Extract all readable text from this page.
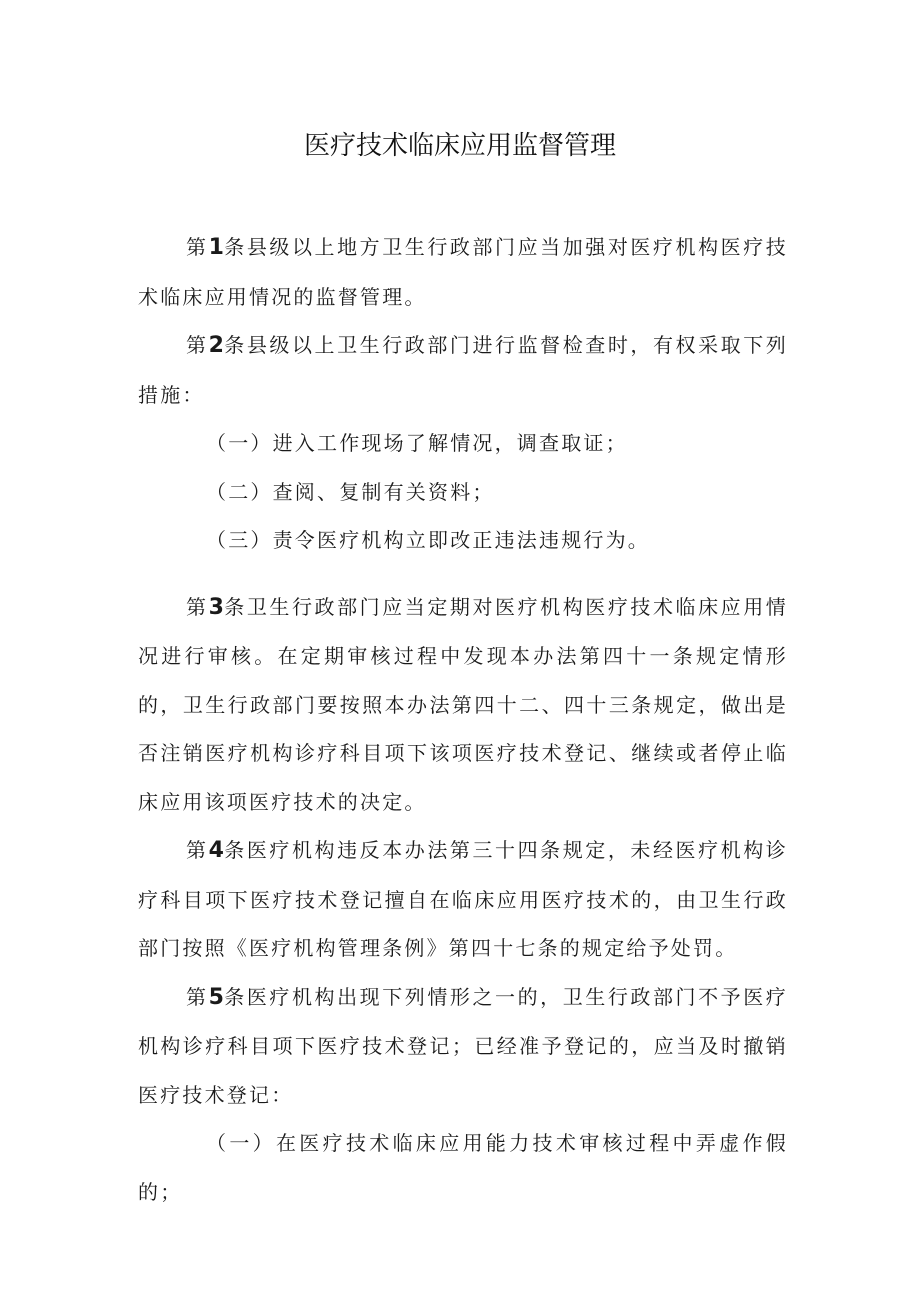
医疗技术临床应用监督管理

第1条县级以上地方卫生行政部门应当加强对医疗机构医疗技术临床应用情况的监督管理。

第2条县级以上卫生行政部门进行监督检查时，有权采取下列措施：

（一）进入工作现场了解情况，调查取证；

（二）查阅、复制有关资料；

（三）责令医疗机构立即改正违法违规行为。

第3条卫生行政部门应当定期对医疗机构医疗技术临床应用情况进行审核。在定期审核过程中发现本办法第四十一条规定情形的，卫生行政部门要按照本办法第四十二、四十三条规定，做出是否注销医疗机构诊疗科目项下该项医疗技术登记、继续或者停止临床应用该项医疗技术的决定。

第4条医疗机构违反本办法第三十四条规定，未经医疗机构诊疗科目项下医疗技术登记擅自在临床应用医疗技术的，由卫生行政部门按照《医疗机构管理条例》第四十七条的规定给予处罚。

第5条医疗机构出现下列情形之一的，卫生行政部门不予医疗机构诊疗科目项下医疗技术登记；已经准予登记的，应当及时撤销医疗技术登记：

（一）在医疗技术临床应用能力技术审核过程中弄虚作假的；
